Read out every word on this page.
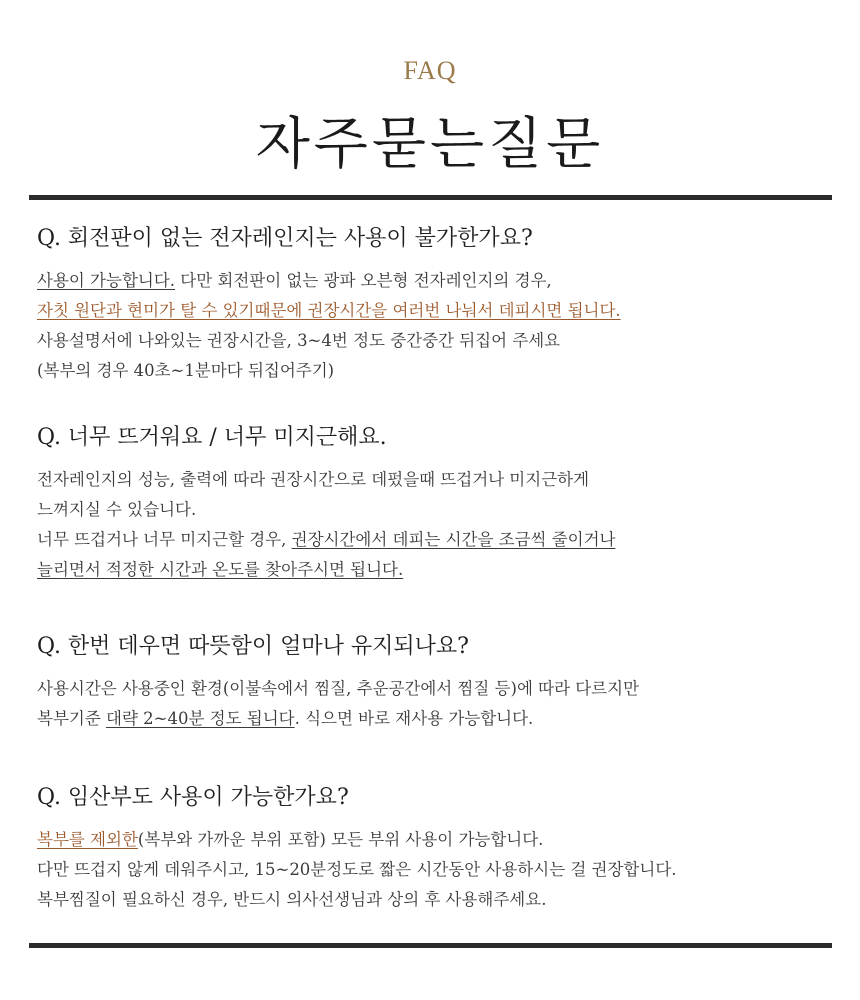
FAQ
자주묻는질문

Q. 회전판이 없는 전자레인지는 사용이 불가한가요?

사용이 가능합니다. 다만 회전판이 없는 광파 오븐형 전자레인지의 경우,
자칫 원단과 현미가 탈 수 있기때문에 권장시간을 여러번 나눠서 데피시면 됩니다.
사용설명서에 나와있는 권장시간을, 3~4번 정도 중간중간 뒤집어 주세요
(복부의 경우 40초~1분마다 뒤집어주기)

Q. 너무 뜨거워요 / 너무 미지근해요.

전자레인지의 성능, 출력에 따라 권장시간으로 데펐을때 뜨겁거나 미지근하게
느껴지실 수 있습니다.
너무 뜨겁거나 너무 미지근할 경우, 권장시간에서 데피는 시간을 조금씩 줄이거나
늘리면서 적정한 시간과 온도를 찾아주시면 됩니다.

Q. 한번 데우면 따뜻함이 얼마나 유지되나요?

사용시간은 사용중인 환경(이불속에서 찜질, 추운공간에서 찜질 등)에 따라 다르지만
복부기준 대략 2~40분 정도 됩니다. 식으면 바로 재사용 가능합니다.

Q. 임산부도 사용이 가능한가요?

복부를 제외한(복부와 가까운 부위 포함) 모든 부위 사용이 가능합니다.
다만 뜨겁지 않게 데워주시고, 15~20분정도로 짧은 시간동안 사용하시는 걸 권장합니다.
복부찜질이 필요하신 경우, 반드시 의사선생님과 상의 후 사용해주세요.
